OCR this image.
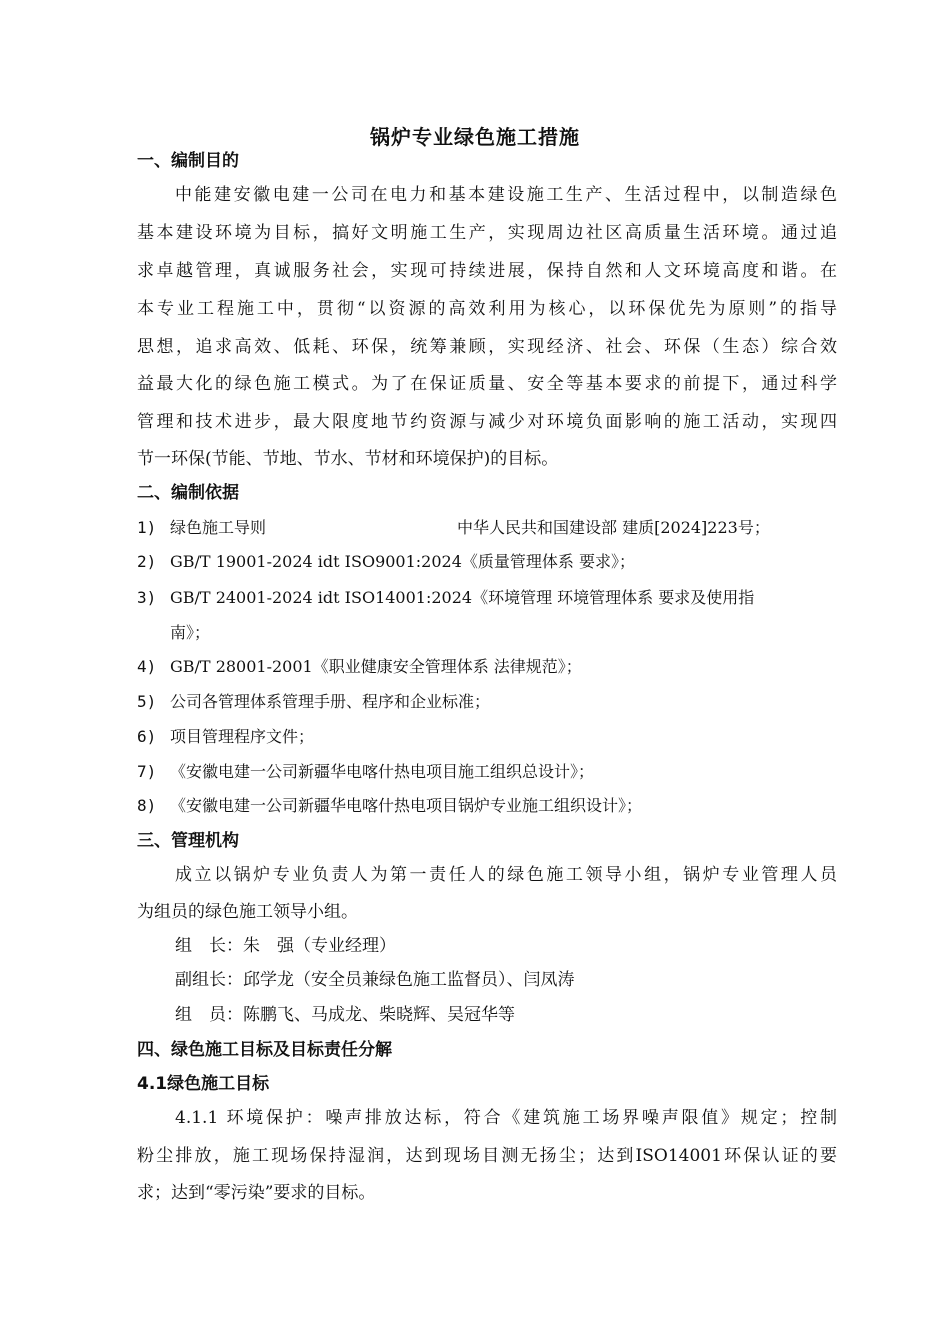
锅炉专业绿色施工措施
一、编制目的
中能建安徽电建一公司在电力和基本建设施工生产、生活过程中，以制造绿色
基本建设环境为目标，搞好文明施工生产，实现周边社区高质量生活环境。通过追
求卓越管理，真诚服务社会，实现可持续进展，保持自然和人文环境高度和谐。在
本专业工程施工中，贯彻“以资源的高效利用为核心，以环保优先为原则”的指导
思想，追求高效、低耗、环保，统筹兼顾，实现经济、社会、环保（生态）综合效
益最大化的绿色施工模式。为了在保证质量、安全等基本要求的前提下，通过科学
管理和技术进步，最大限度地节约资源与减少对环境负面影响的施工活动，实现四
节一环保(节能、节地、节水、节材和环境保护)的目标。
二、编制依据
1) 绿色施工导则	中华人民共和国建设部 建质[2024]223号；
2) GB/T 19001-2024 idt ISO9001:2024《质量管理体系 要求》；
3) GB/T 24001-2024 idt ISO14001:2024《环境管理 环境管理体系 要求及使用指
南》；
4) GB/T 28001-2001《职业健康安全管理体系 法律规范》；
5) 公司各管理体系管理手册、程序和企业标准；
6) 项目管理程序文件；
7) 《安徽电建一公司新疆华电喀什热电项目施工组织总设计》；
8) 《安徽电建一公司新疆华电喀什热电项目锅炉专业施工组织设计》；
三、管理机构
成立以锅炉专业负责人为第一责任人的绿色施工领导小组，锅炉专业管理人员
为组员的绿色施工领导小组。
组　长：朱　强（专业经理）
副组长：邱学龙（安全员兼绿色施工监督员）、闫凤涛
组　员：陈鹏飞、马成龙、柴晓辉、吴冠华等
四、绿色施工目标及目标责任分解
4.1绿色施工目标
4.1.1 环境保护：噪声排放达标，符合《建筑施工场界噪声限值》规定；控制
粉尘排放，施工现场保持湿润，达到现场目测无扬尘；达到ISO14001环保认证的要
求；达到“零污染”要求的目标。
